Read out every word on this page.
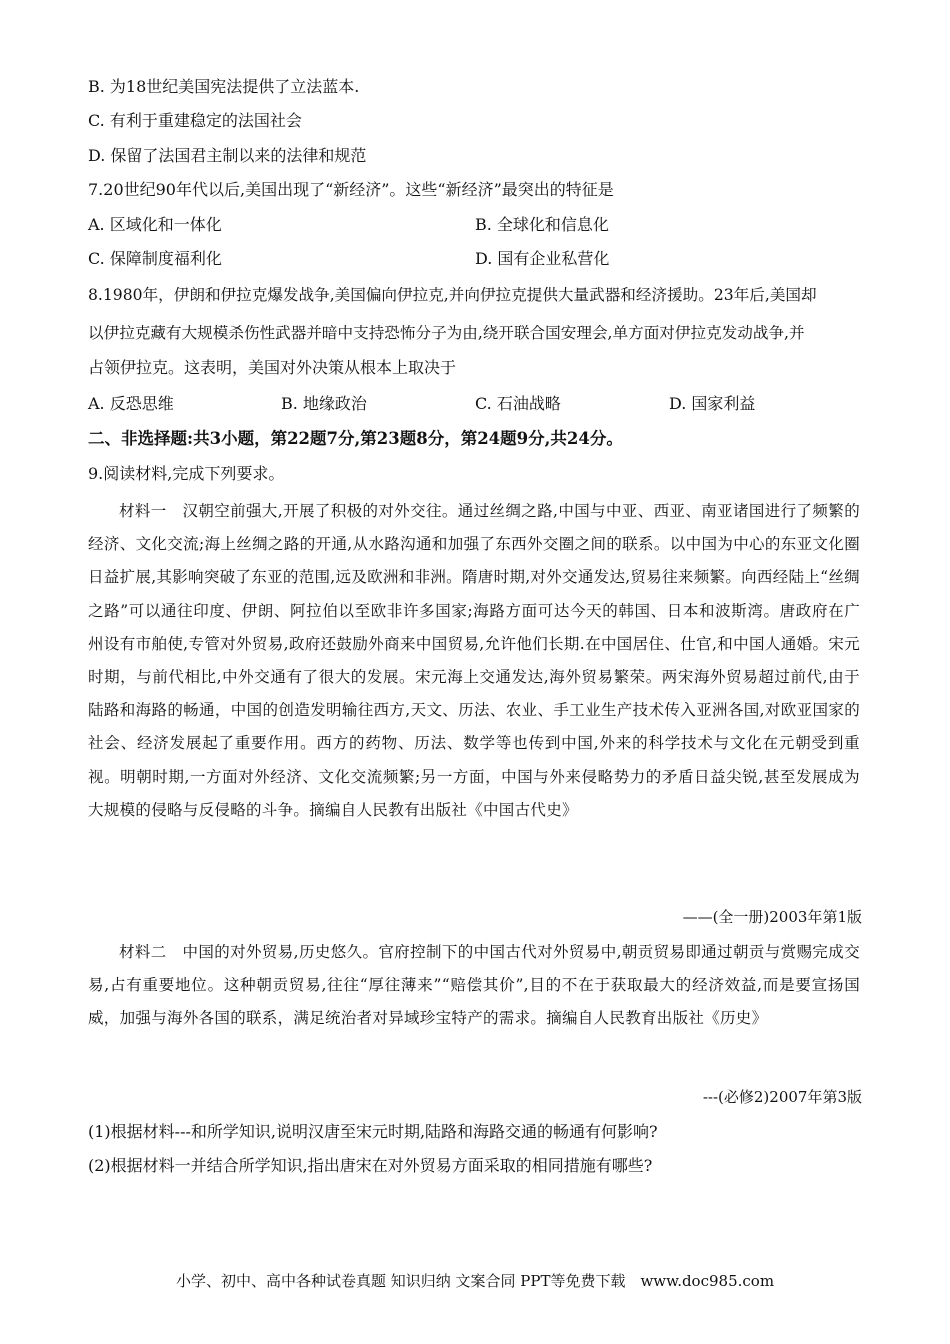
B. 为18世纪美国宪法提供了立法蓝本.
C. 有利于重建稳定的法国社会
D. 保留了法国君主制以来的法律和规范
7.20世纪90年代以后,美国出现了“新经济”。这些“新经济”最突出的特征是
A. 区域化和一体化	B. 全球化和信息化
C. 保障制度福利化	D. 国有企业私营化
8.1980年，伊朗和伊拉克爆发战争,美国偏向伊拉克,并向伊拉克提供大量武器和经济援助。23年后,美国却
以伊拉克藏有大规模杀伤性武器并暗中支持恐怖分子为由,绕开联合国安理会,单方面对伊拉克发动战争,并
占领伊拉克。这表明，美国对外决策从根本上取决于
A. 反恐思维	B. 地缘政治	C. 石油战略	D. 国家利益
二、非选择题:共3小题，第22题7分,第23题8分，第24题9分,共24分。
9.阅读材料,完成下列要求。
材料一　汉朝空前强大,开展了积极的对外交往。通过丝绸之路,中国与中亚、西亚、南亚诸国进行了频繁的经济、文化交流;海上丝绸之路的开通,从水路沟通和加强了东西外交圈之间的联系。以中国为中心的东亚文化圈日益扩展,其影响突破了东亚的范围,远及欧洲和非洲。隋唐时期,对外交通发达,贸易往来频繁。向西经陆上“丝绸之路”可以通往印度、伊朗、阿拉伯以至欧非许多国家;海路方面可达今天的韩国、日本和波斯湾。唐政府在广州设有市舶使,专管对外贸易,政府还鼓励外商来中国贸易,允许他们长期.在中国居住、仕官,和中国人通婚。宋元时期，与前代相比,中外交通有了很大的发展。宋元海上交通发达,海外贸易繁荣。两宋海外贸易超过前代,由于陆路和海路的畅通，中国的创造发明输往西方,天文、历法、农业、手工业生产技术传入亚洲各国,对欧亚国家的社会、经济发展起了重要作用。西方的药物、历法、数学等也传到中国,外来的科学技术与文化在元朝受到重视。明朝时期,一方面对外经济、文化交流频繁;另一方面，中国与外来侵略势力的矛盾日益尖锐,甚至发展成为大规模的侵略与反侵略的斗争。摘编自人民教有出版社《中国古代史》
——(全一册)2003年第1版
材料二　中国的对外贸易,历史悠久。官府控制下的中国古代对外贸易中,朝贡贸易即通过朝贡与赏赐完成交易,占有重要地位。这种朝贡贸易,往往“厚往薄来”“赔偿其价”,目的不在于获取最大的经济效益,而是要宣扬国威，加强与海外各国的联系，满足统治者对异域珍宝特产的需求。摘编自人民教育出版社《历史》
---(必修2)2007年第3版
(1)根据材料---和所学知识,说明汉唐至宋元时期,陆路和海路交通的畅通有何影响?
(2)根据材料一并结合所学知识,指出唐宋在对外贸易方面采取的相同措施有哪些?
小学、初中、高中各种试卷真题 知识归纳 文案合同 PPT等免费下载　www.doc985.com
